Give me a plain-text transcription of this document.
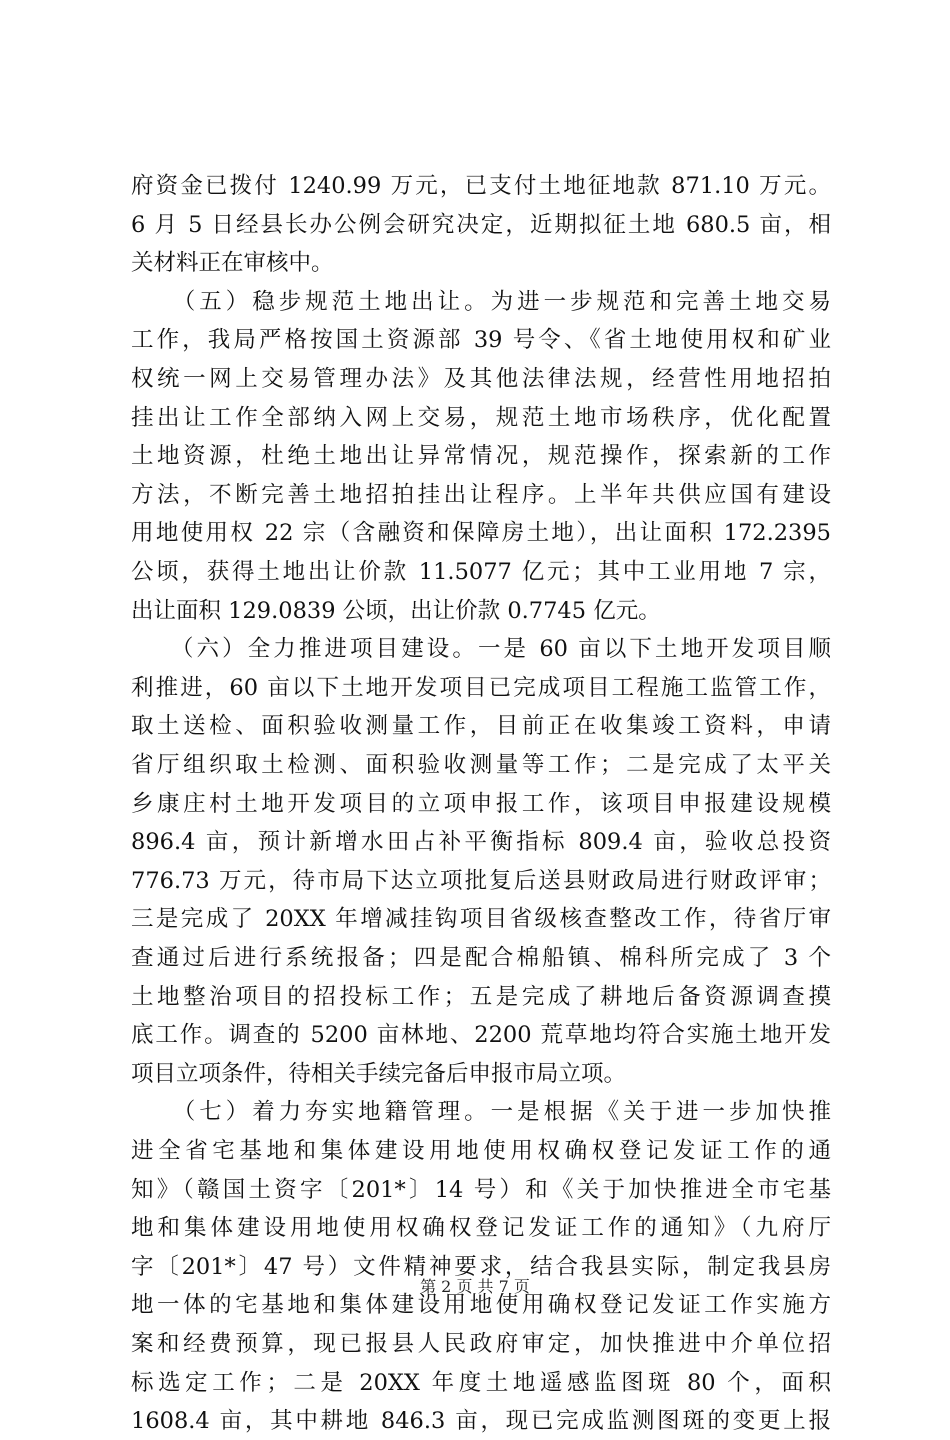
府资金已拨付 1240.99 万元，已支付土地征地款 871.10 万元。
6 月 5 日经县长办公例会研究决定，近期拟征土地 680.5 亩，相
关材料正在审核中。
　　（五）稳步规范土地出让。为进一步规范和完善土地交易
工作，我局严格按国土资源部 39 号令、《省土地使用权和矿业
权统一网上交易管理办法》及其他法律法规，经营性用地招拍
挂出让工作全部纳入网上交易，规范土地市场秩序，优化配置
土地资源，杜绝土地出让异常情况，规范操作，探索新的工作
方法，不断完善土地招拍挂出让程序。上半年共供应国有建设
用地使用权 22 宗（含融资和保障房土地），出让面积 172.2395
公顷，获得土地出让价款 11.5077 亿元；其中工业用地 7 宗，
出让面积 129.0839 公顷，出让价款 0.7745 亿元。
　　（六）全力推进项目建设。一是 60 亩以下土地开发项目顺
利推进，60 亩以下土地开发项目已完成项目工程施工监管工作，
取土送检、面积验收测量工作，目前正在收集竣工资料，申请
省厅组织取土检测、面积验收测量等工作；二是完成了太平关
乡康庄村土地开发项目的立项申报工作，该项目申报建设规模
896.4 亩，预计新增水田占补平衡指标 809.4 亩，验收总投资
776.73 万元，待市局下达立项批复后送县财政局进行财政评审；
三是完成了 20XX 年增减挂钩项目省级核查整改工作，待省厅审
查通过后进行系统报备；四是配合棉船镇、棉科所完成了 3 个
土地整治项目的招投标工作；五是完成了耕地后备资源调查摸
底工作。调查的 5200 亩林地、2200 荒草地均符合实施土地开发
项目立项条件，待相关手续完备后申报市局立项。
　　（七）着力夯实地籍管理。一是根据《关于进一步加快推
进全省宅基地和集体建设用地使用权确权登记发证工作的通
知》（赣国土资字〔201*〕14 号）和《关于加快推进全市宅基
地和集体建设用地使用权确权登记发证工作的通知》（九府厅
字〔201*〕47 号）文件精神要求，结合我县实际，制定我县房
地一体的宅基地和集体建设用地使用确权登记发证工作实施方
案和经费预算，现已报县人民政府审定，加快推进中介单位招
标选定工作；二是 20XX 年度土地遥感监图斑 80 个，面积
1608.4 亩，其中耕地 846.3 亩，现已完成监测图斑的变更上报
第 2 页 共 7 页
